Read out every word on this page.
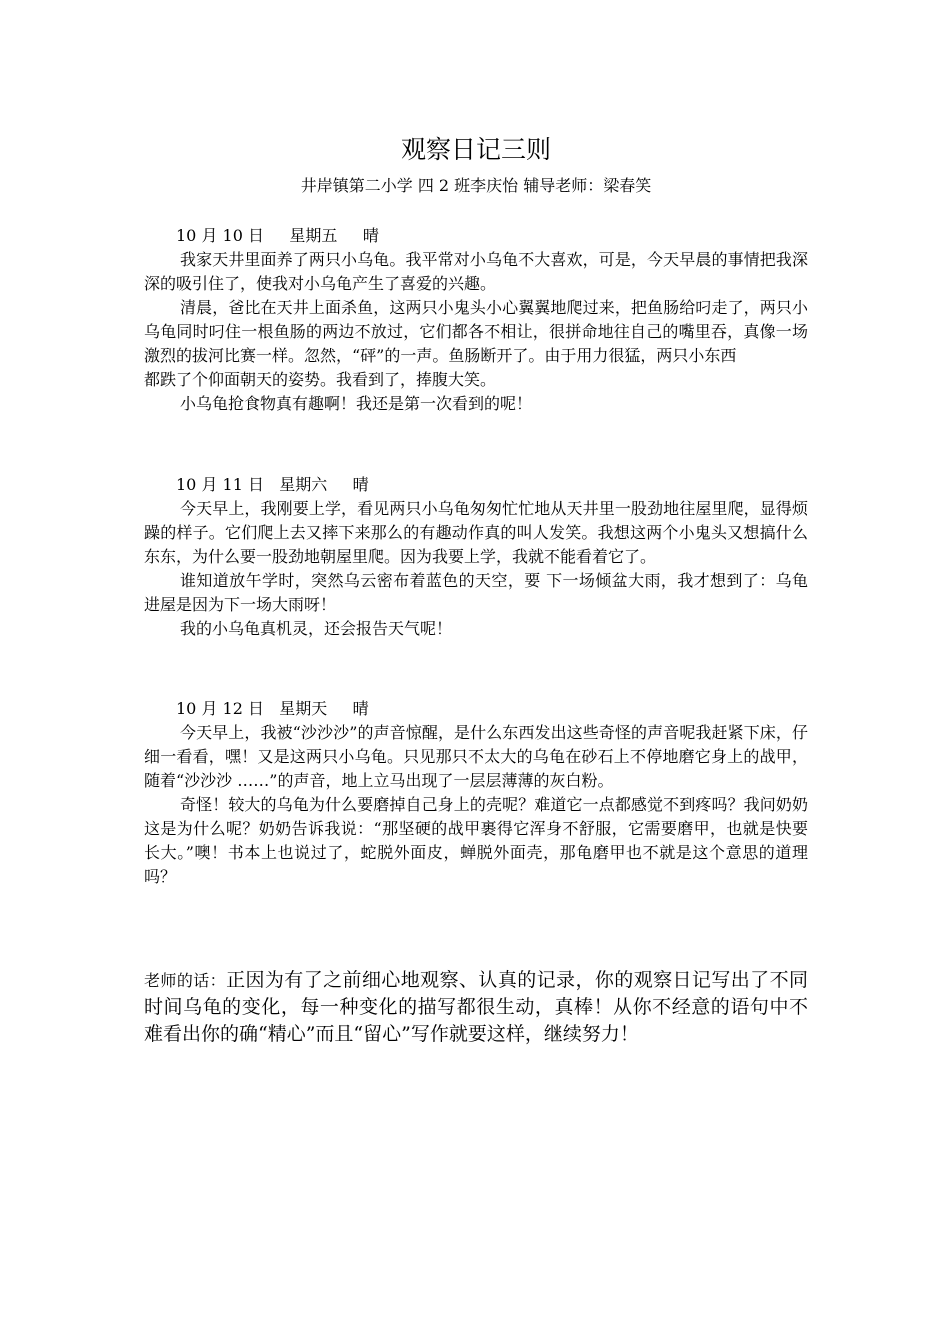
观察日记三则
井岸镇第二小学 四 2 班李庆怡 辅导老师：梁春笑
10 月 10 日     星期五     晴

我家天井里面养了两只小乌龟。我平常对小乌龟不大喜欢，可是，今天早晨的事情把我深深的吸引住了，使我对小乌龟产生了喜爱的兴趣。

清晨，爸比在天井上面杀鱼，这两只小鬼头小心翼翼地爬过来，把鱼肠给叼走了，两只小乌龟同时叼住一根鱼肠的两边不放过，它们都各不相让，很拼命地往自己的嘴里吞，真像一场激烈的拔河比赛一样。忽然，“砰”的一声。鱼肠断开了。由于用力很猛，两只小东西

都跌了个仰面朝天的姿势。我看到了，捧腹大笑。

小乌龟抢食物真有趣啊！我还是第一次看到的呢！

10 月 11 日   星期六     晴

今天早上，我刚要上学，看见两只小乌龟匆匆忙忙地从天井里一股劲地往屋里爬，显得烦躁的样子。它们爬上去又摔下来那么的有趣动作真的叫人发笑。我想这两个小鬼头又想搞什么东东，为什么要一股劲地朝屋里爬。因为我要上学，我就不能看着它了。

谁知道放午学时，突然乌云密布着蓝色的天空，要 下一场倾盆大雨，我才想到了：乌龟进屋是因为下一场大雨呀！

我的小乌龟真机灵，还会报告天气呢！

10 月 12 日   星期天     晴

今天早上，我被“沙沙沙”的声音惊醒，是什么东西发出这些奇怪的声音呢我赶紧下床，仔细一看看，嘿！又是这两只小乌龟。只见那只不太大的乌龟在砂石上不停地磨它身上的战甲，随着“沙沙沙 ……”的声音，地上立马出现了一层层薄薄的灰白粉。

奇怪！较大的乌龟为什么要磨掉自己身上的壳呢？难道它一点都感觉不到疼吗？我问奶奶这是为什么呢？奶奶告诉我说：“那坚硬的战甲裹得它浑身不舒服，它需要磨甲，也就是快要长大。”噢！书本上也说过了，蛇脱外面皮，蝉脱外面壳，那龟磨甲也不就是这个意思的道理吗？

老师的话：正因为有了之前细心地观察、认真的记录，你的观察日记写出了不同时间乌龟的变化，每一种变化的描写都很生动，真棒！从你不经意的语句中不难看出你的确“精心”而且“留心”写作就要这样，继续努力！
